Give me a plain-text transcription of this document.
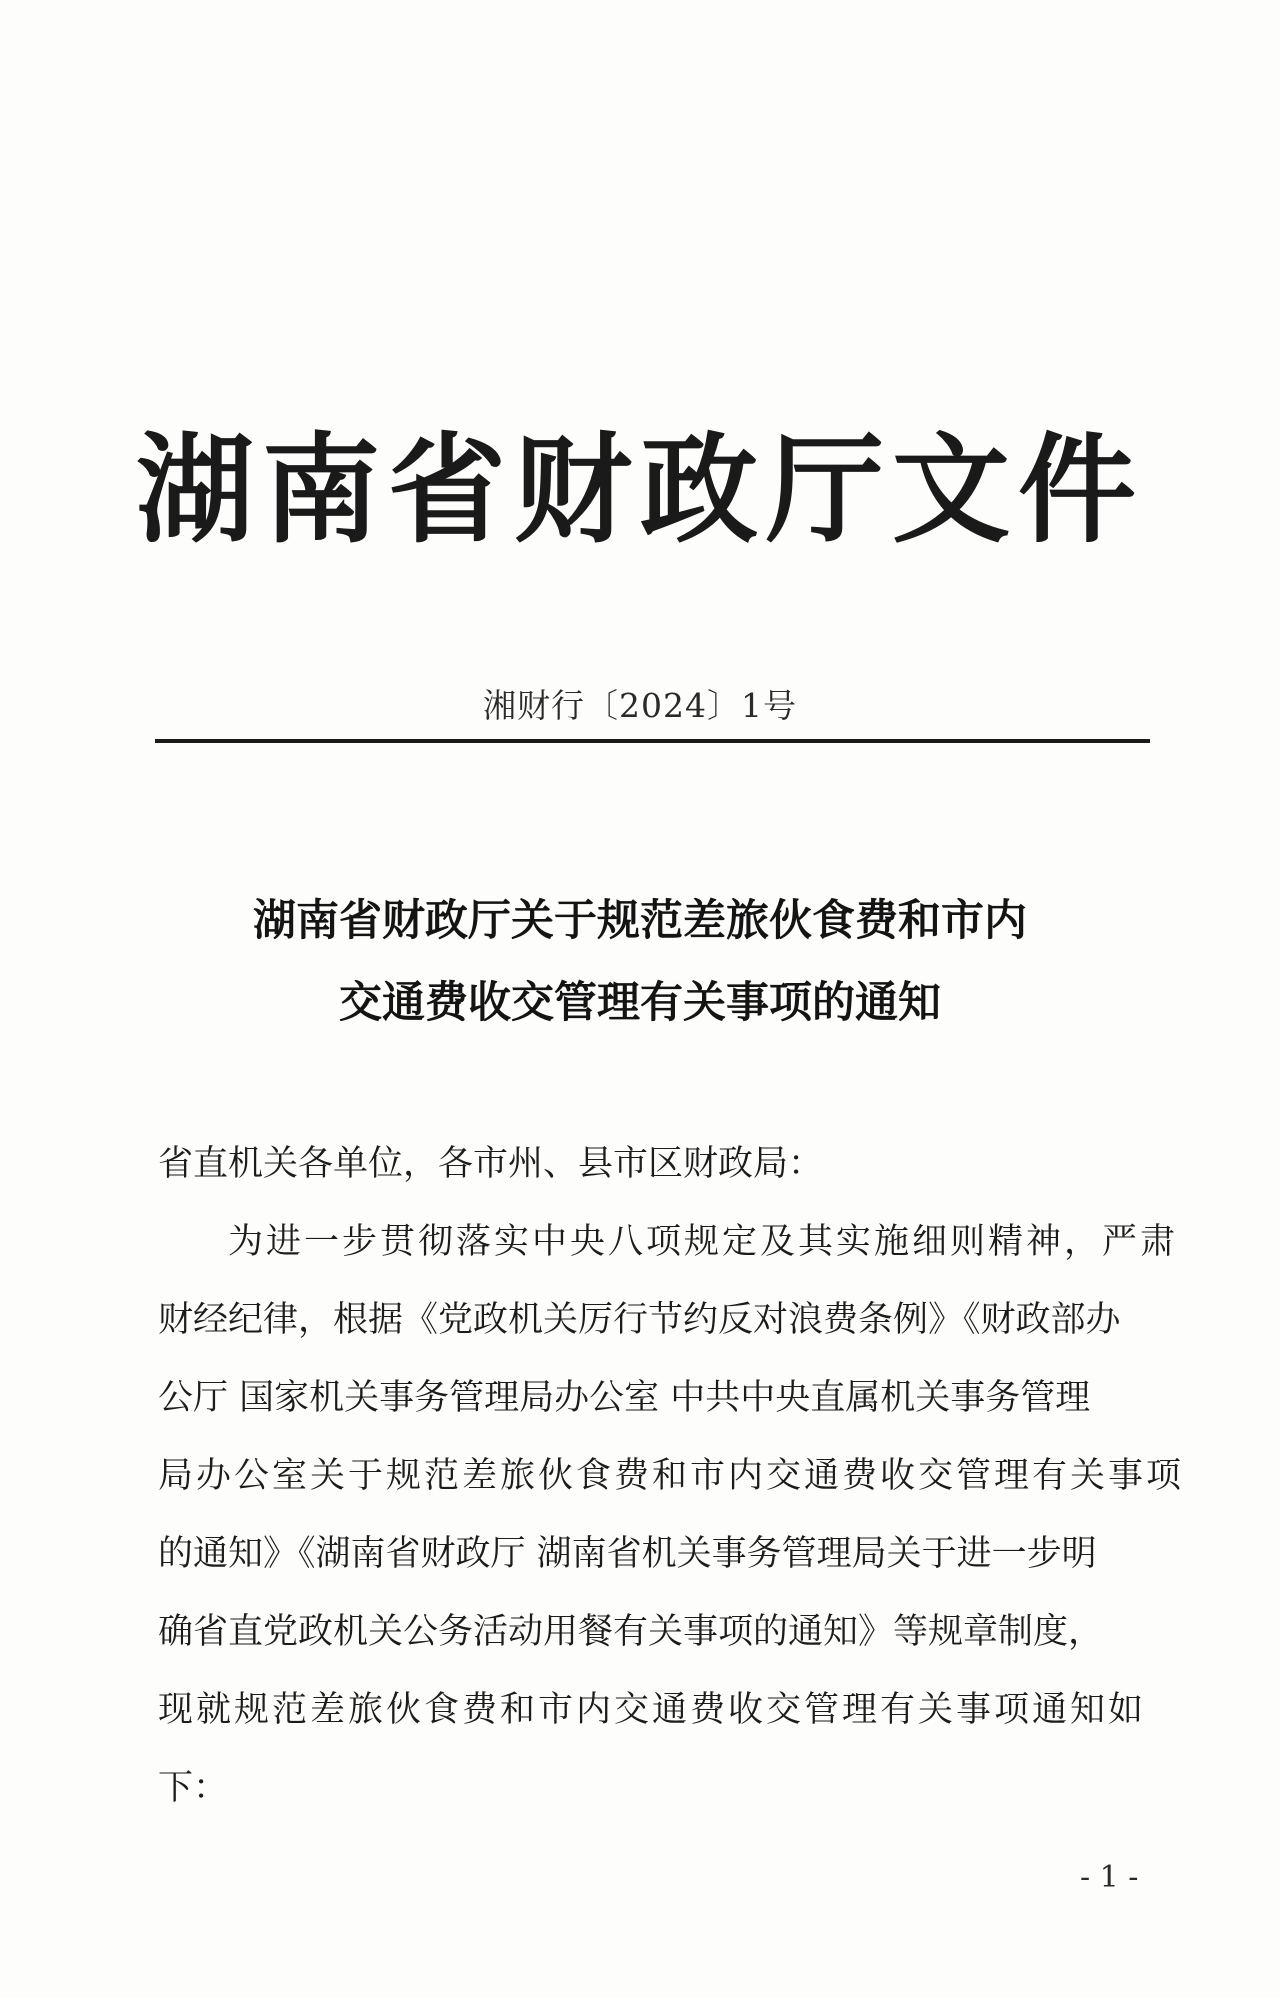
湖南省财政厅文件
湘财行〔2024〕1号
湖南省财政厅关于规范差旅伙食费和市内
交通费收交管理有关事项的通知
省直机关各单位，各市州、县市区财政局：
为进一步贯彻落实中央八项规定及其实施细则精神，严肃
财经纪律，根据《党政机关厉行节约反对浪费条例》《财政部办
公厅 国家机关事务管理局办公室 中共中央直属机关事务管理
局办公室关于规范差旅伙食费和市内交通费收交管理有关事项
的通知》《湖南省财政厅 湖南省机关事务管理局关于进一步明
确省直党政机关公务活动用餐有关事项的通知》等规章制度，
现就规范差旅伙食费和市内交通费收交管理有关事项通知如
下：
- 1 -
